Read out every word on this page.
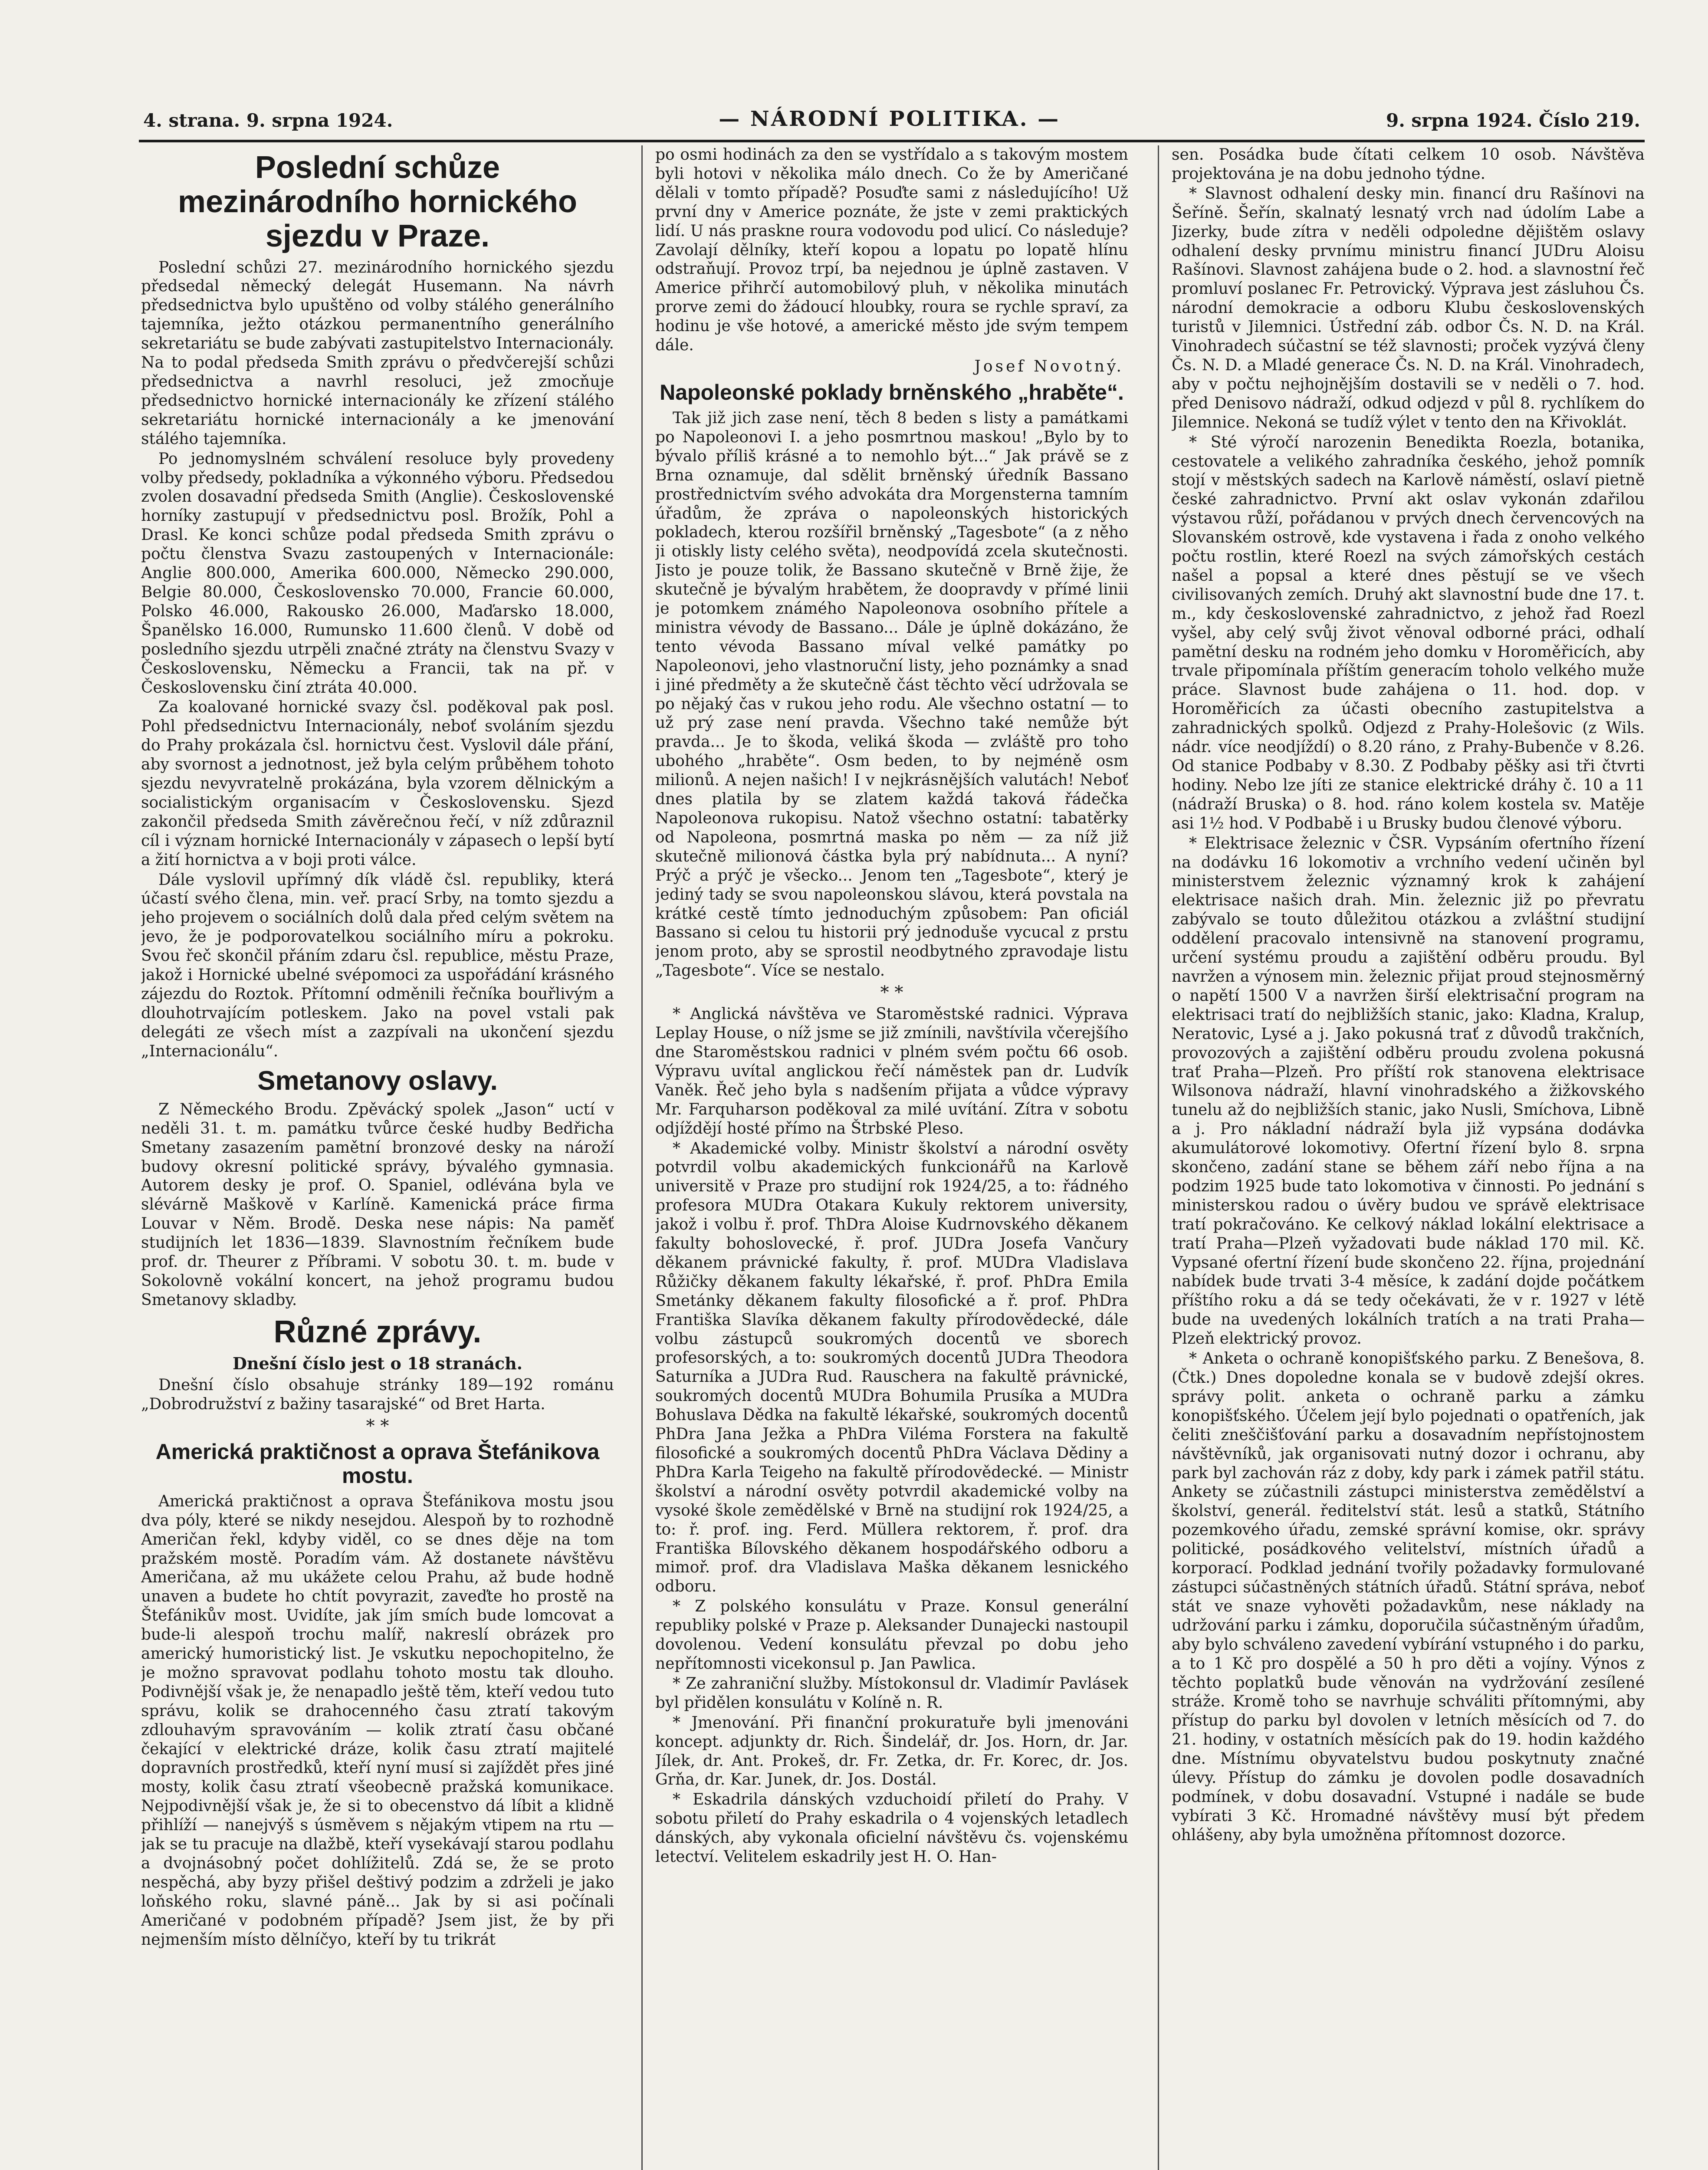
4. strana. 9. srpna 1924.	— NÁRODNÍ POLITIKA. —	9. srpna 1924. Číslo 219.
Poslední schůze mezinárodního hornického sjezdu v Praze.

Poslední schůzi 27. mezinárodního hornického sjezdu předsedal německý delegát Husemann. Na návrh předsednictva bylo upuštěno od volby stálého generálního tajemníka, ježto otázkou permanentního generálního sekretariátu se bude zabývati zastupitelstvo Internacionály. Na to podal předseda Smith zprávu o předvčerejší schůzi předsednictva a navrhl resoluci, jež zmocňuje předsednictvo hornické internacionály ke zřízení stálého sekretariátu hornické internacionály a ke jmenování stálého tajemníka.

Po jednomyslném schválení resoluce byly provedeny volby předsedy, pokladníka a výkonného výboru. Předsedou zvolen dosavadní předseda Smith (Anglie). Československé horníky zastupují v předsednictvu posl. Brožík, Pohl a Drasl. Ke konci schůze podal předseda Smith zprávu o počtu členstva Svazu zastoupených v Internacionále: Anglie 800.000, Amerika 600.000, Německo 290.000, Belgie 80.000, Československo 70.000, Francie 60.000, Polsko 46.000, Rakousko 26.000, Maďarsko 18.000, Španělsko 16.000, Rumunsko 11.600 členů. V době od posledního sjezdu utrpěli značné ztráty na členstvu Svazy v Československu, Německu a Francii, tak na př. v Československu činí ztráta 40.000.

Za koalované hornické svazy čsl. poděkoval pak posl. Pohl předsednictvu Internacionály, neboť svoláním sjezdu do Prahy prokázala čsl. hornictvu čest. Vyslovil dále přání, aby svornost a jednotnost, jež byla celým průběhem tohoto sjezdu nevyvratelně prokázána, byla vzorem dělnickým a socialistickým organisacím v Československu. Sjezd zakončil předseda Smith závěrečnou řečí, v níž zdůraznil cíl i význam hornické Internacionály v zápasech o lepší bytí a žití hornictva a v boji proti válce.

Dále vyslovil upřímný dík vládě čsl. republiky, která účastí svého člena, min. veř. prací Srby, na tomto sjezdu a jeho projevem o sociálních dolů dala před celým světem na jevo, že je podporovatelkou sociálního míru a pokroku. Svou řeč skončil přáním zdaru čsl. republice, městu Praze, jakož i Hornické ubelné svépomoci za uspořádání krásného zájezdu do Roztok. Přítomní odměnili řečníka bouřlivým a dlouhotrvajícím potleskem. Jako na povel vstali pak delegáti ze všech míst a zazpívali na ukončení sjezdu „Internacionálu“.

Smetanovy oslavy.

Z Německého Brodu. Zpěvácký spolek „Jason“ uctí v neděli 31. t. m. památku tvůrce české hudby Bedřicha Smetany zasazením pamětní bronzové desky na nároží budovy okresní politické správy, bývalého gymnasia. Autorem desky je prof. O. Spaniel, odlévána byla ve slévárně Maškově v Karlíně. Kamenická práce firma Louvar v Něm. Brodě. Deska nese nápis: Na paměť studijních let 1836—1839. Slavnostním řečníkem bude prof. dr. Theurer z Příbrami. V sobotu 30. t. m. bude v Sokolovně vokální koncert, na jehož programu budou Smetanovy skladby.

Různé zprávy.
Dnešní číslo jest o 18 stranách.

Dnešní číslo obsahuje stránky 189—192 románu „Dobrodružství z bažiny tasarajské“ od Bret Harta.

* *
Americká praktičnost a oprava Štefánikova mostu.

Americká praktičnost a oprava Štefánikova mostu jsou dva póly, které se nikdy nesejdou. Alespoň by to rozhodně Američan řekl, kdyby viděl, co se dnes děje na tom pražském mostě. Poradím vám. Až dostanete návštěvu Američana, až mu ukážete celou Prahu, až bude hodně unaven a budete ho chtít povyrazit, zaveďte ho prostě na Štefánikův most. Uvidíte, jak jím smích bude lomcovat a bude-li alespoň trochu malíř, nakreslí obrázek pro americký humoristický list. Je vskutku nepochopitelno, že je možno spravovat podlahu tohoto mostu tak dlouho. Podivnější však je, že nenapadlo ještě těm, kteří vedou tuto správu, kolik se drahocenného času ztratí takovým zdlouhavým spravováním — kolik ztratí času občané čekající v elektrické dráze, kolik času ztratí majitelé dopravních prostředků, kteří nyní musí si zajíždět přes jiné mosty, kolik času ztratí všeobecně pražská komunikace. Nejpodivnější však je, že si to obecenstvo dá líbit a klidně přihlíží — nanejvýš s úsměvem s nějakým vtipem na rtu — jak se tu pracuje na dlažbě, kteří vysekávají starou podlahu a dvojnásobný počet dohlížitelů. Zdá se, že se proto nespěchá, aby byzy přišel deštivý podzim a zdrželi je jako loňského roku, slavné páně... Jak by si asi počínali Američané v podobném případě? Jsem jist, že by při nejmenším místo dělníčyo, kteří by tu trikrát

po osmi hodinách za den se vystřídalo a s takovým mostem byli hotovi v několika málo dnech. Co že by Američané dělali v tomto případě? Posuďte sami z následujícího! Už první dny v Americe poznáte, že jste v zemi praktických lidí. U nás praskne roura vodovodu pod ulicí. Co následuje? Zavolají dělníky, kteří kopou a lopatu po lopatě hlínu odstraňují. Provoz trpí, ba nejednou je úplně zastaven. V Americe přihrčí automobilový pluh, v několika minutách prorve zemi do žádoucí hloubky, roura se rychle spraví, za hodinu je vše hotové, a americké město jde svým tempem dále.

Josef Novotný.
Napoleonské poklady brněnského „hraběte“.

Tak již jich zase není, těch 8 beden s listy a památkami po Napoleonovi I. a jeho posmrtnou maskou! „Bylo by to bývalo příliš krásné a to nemohlo být...“ Jak právě se z Brna oznamuje, dal sdělit brněnský úředník Bassano prostřednictvím svého advokáta dra Morgensterna tamním úřadům, že zpráva o napoleonských historických pokladech, kterou rozšířil brněnský „Tagesbote“ (a z něho ji otiskly listy celého světa), neodpovídá zcela skutečnosti. Jisto je pouze tolik, že Bassano skutečně v Brně žije, že skutečně je bývalým hrabětem, že doopravdy v přímé linii je potomkem známého Napoleonova osobního přítele a ministra vévody de Bassano... Dále je úplně dokázáno, že tento vévoda Bassano míval velké památky po Napoleonovi, jeho vlastnoruční listy, jeho poznámky a snad i jiné předměty a že skutečně část těchto věcí udržovala se po nějaký čas v rukou jeho rodu. Ale všechno ostatní — to už prý zase není pravda. Všechno také nemůže být pravda... Je to škoda, veliká škoda — zvláště pro toho ubohého „hraběte“. Osm beden, to by nejméně osm milionů. A nejen našich! I v nejkrásnějších valutách! Neboť dnes platila by se zlatem každá taková řádečka Napoleonova rukopisu. Natož všechno ostatní: tabatěrky od Napoleona, posmrtná maska po něm — za níž již skutečně milionová částka byla prý nabídnuta... A nyní? Prýč a prýč je všecko... Jenom ten „Tagesbote“, který je jediný tady se svou napoleonskou slávou, která povstala na krátké cestě tímto jednoduchým způsobem: Pan oficiál Bassano si celou tu historii prý jednoduše vycucal z prstu jenom proto, aby se sprostil neodbytného zpravodaje listu „Tagesbote“. Více se nestalo.

* *

* Anglická návštěva ve Staroměstské radnici. Výprava Leplay House, o níž jsme se již zmínili, navštívila včerejšího dne Staroměstskou radnici v plném svém počtu 66 osob. Výpravu uvítal anglickou řečí náměstek pan dr. Ludvík Vaněk. Řeč jeho byla s nadšením přijata a vůdce výpravy Mr. Farquharson poděkoval za milé uvítání. Zítra v sobotu odjíždějí hosté přímo na Štrbské Pleso.

* Akademické volby. Ministr školství a národní osvěty potvrdil volbu akademických funkcionářů na Karlově universitě v Praze pro studijní rok 1924/25, a to: řádného profesora MUDra Otakara Kukuly rektorem university, jakož i volbu ř. prof. ThDra Aloise Kudrnovského děkanem fakulty bohoslovecké, ř. prof. JUDra Josefa Vančury děkanem právnické fakulty, ř. prof. MUDra Vladislava Růžičky děkanem fakulty lékařské, ř. prof. PhDra Emila Smetánky děkanem fakulty filosofické a ř. prof. PhDra Františka Slavíka děkanem fakulty přírodovědecké, dále volbu zástupců soukromých docentů ve sborech profesorských, a to: soukromých docentů JUDra Theodora Saturníka a JUDra Rud. Rauschera na fakultě právnické, soukromých docentů MUDra Bohumila Prusíka a MUDra Bohuslava Dědka na fakultě lékařské, soukromých docentů PhDra Jana Ježka a PhDra Viléma Forstera na fakultě filosofické a soukromých docentů PhDra Václava Dědiny a PhDra Karla Teigeho na fakultě přírodovědecké. — Ministr školství a národní osvěty potvrdil akademické volby na vysoké škole zemědělské v Brně na studijní rok 1924/25, a to: ř. prof. ing. Ferd. Müllera rektorem, ř. prof. dra Františka Bílovského děkanem hospodářského odboru a mimoř. prof. dra Vladislava Maška děkanem lesnického odboru.

* Z polského konsulátu v Praze. Konsul generální republiky polské v Praze p. Aleksander Dunajecki nastoupil dovolenou. Vedení konsulátu převzal po dobu jeho nepřítomnosti vicekonsul p. Jan Pawlica.

* Ze zahraniční služby. Místokonsul dr. Vladimír Pavlásek byl přidělen konsulátu v Kolíně n. R.

* Jmenování. Při finanční prokuratuře byli jmenováni koncept. adjunkty dr. Rich. Šindelář, dr. Jos. Horn, dr. Jar. Jílek, dr. Ant. Prokeš, dr. Fr. Zetka, dr. Fr. Korec, dr. Jos. Grňa, dr. Kar. Junek, dr. Jos. Dostál.

* Eskadrila dánských vzduchoidí přiletí do Prahy. V sobotu přiletí do Prahy eskadrila o 4 vojenských letadlech dánských, aby vykonala oficielní návštěvu čs. vojenskému letectví. Velitelem eskadrily jest H. O. Han-

sen. Posádka bude čítati celkem 10 osob. Návštěva projektována je na dobu jednoho týdne.

* Slavnost odhalení desky min. financí dru Rašínovi na Šeříně. Šeřín, skalnatý lesnatý vrch nad údolím Labe a Jizerky, bude zítra v neděli odpoledne dějištěm oslavy odhalení desky prvnímu ministru financí JUDru Aloisu Rašínovi. Slavnost zahájena bude o 2. hod. a slavnostní řeč promluví poslanec Fr. Petrovický. Výprava jest zásluhou Čs. národní demokracie a odboru Klubu československých turistů v Jilemnici. Ústřední záb. odbor Čs. N. D. na Král. Vinohradech súčastní se též slavnosti; proček vyzývá členy Čs. N. D. a Mladé generace Čs. N. D. na Král. Vinohradech, aby v počtu nejhojnějším dostavili se v neděli o 7. hod. před Denisovo nádraží, odkud odjezd v půl 8. rychlíkem do Jilemnice. Nekoná se tudíž výlet v tento den na Křivoklát.

* Sté výročí narozenin Benedikta Roezla, botanika, cestovatele a velikého zahradníka českého, jehož pomník stojí v městských sadech na Karlově náměstí, oslaví pietně české zahradnictvo. První akt oslav vykonán zdařilou výstavou růží, pořádanou v prvých dnech červencových na Slovanském ostrově, kde vystavena i řada z onoho velkého počtu rostlin, které Roezl na svých zámořských cestách našel a popsal a které dnes pěstují se ve všech civilisovaných zemích. Druhý akt slavnostní bude dne 17. t. m., kdy československé zahradnictvo, z jehož řad Roezl vyšel, aby celý svůj život věnoval odborné práci, odhalí pamětní desku na rodném jeho domku v Horoměřicích, aby trvale připomínala příštím generacím toholo velkého muže práce. Slavnost bude zahájena o 11. hod. dop. v Horoměřicích za účasti obecního zastupitelstva a zahradnických spolků. Odjezd z Prahy-Holešovic (z Wils. nádr. více neodjíždí) o 8.20 ráno, z Prahy-Bubenče v 8.26. Od stanice Podbaby v 8.30. Z Podbaby pěšky asi tři čtvrti hodiny. Nebo lze jíti ze stanice elektrické dráhy č. 10 a 11 (nádraží Bruska) o 8. hod. ráno kolem kostela sv. Matěje asi 1½ hod. V Podbabě i u Brusky budou členové výboru.

* Elektrisace železnic v ČSR. Vypsáním ofertního řízení na dodávku 16 lokomotiv a vrchního vedení učiněn byl ministerstvem železnic významný krok k zahájení elektrisace našich drah. Min. železnic již po převratu zabývalo se touto důležitou otázkou a zvláštní studijní oddělení pracovalo intensivně na stanovení programu, určení systému proudu a zajištění odběru proudu. Byl navržen a výnosem min. železnic přijat proud stejnosměrný o napětí 1500 V a navržen širší elektrisační program na elektrisaci tratí do nejbližších stanic, jako: Kladna, Kralup, Neratovic, Lysé a j. Jako pokusná trať z důvodů trakčních, provozových a zajištění odběru proudu zvolena pokusná trať Praha—Plzeň. Pro příští rok stanovena elektrisace Wilsonova nádraží, hlavní vinohradského a žižkovského tunelu až do nejbližších stanic, jako Nusli, Smíchova, Libně a j. Pro nákladní nádraží byla již vypsána dodávka akumulátorové lokomotivy. Ofertní řízení bylo 8. srpna skončeno, zadání stane se během září nebo října a na podzim 1925 bude tato lokomotiva v činnosti. Po jednání s ministerskou radou o úvěry budou ve správě elektrisace tratí pokračováno. Ke celkový náklad lokální elektrisace a tratí Praha—Plzeň vyžadovati bude náklad 170 mil. Kč. Vypsané ofertní řízení bude skončeno 22. října, projednání nabídek bude trvati 3-4 měsíce, k zadání dojde počátkem příštího roku a dá se tedy očekávati, že v r. 1927 v létě bude na uvedených lokálních tratích a na trati Praha—Plzeň elektrický provoz.

* Anketa o ochraně konopišťského parku. Z Benešova, 8. (Čtk.) Dnes dopoledne konala se v budově zdejší okres. správy polit. anketa o ochraně parku a zámku konopišťského. Účelem její bylo pojednati o opatřeních, jak čeliti zneščišťování parku a dosavadním nepřístojnostem návštěvníků, jak organisovati nutný dozor i ochranu, aby park byl zachován ráz z doby, kdy park i zámek patřil státu. Ankety se zúčastnili zástupci ministerstva zemědělství a školství, generál. ředitelství stát. lesů a statků, Státního pozemkového úřadu, zemské správní komise, okr. správy politické, posádkového velitelství, místních úřadů a korporací. Podklad jednání tvořily požadavky formulované zástupci súčastněných státních úřadů. Státní správa, neboť stát ve snaze vyhověti požadavkům, nese náklady na udržování parku i zámku, doporučila súčastněným úřadům, aby bylo schváleno zavedení vybírání vstupného i do parku, a to 1 Kč pro dospělé a 50 h pro děti a vojíny. Výnos z těchto poplatků bude věnován na vydržování zesílené stráže. Kromě toho se navrhuje schváliti přítomnými, aby přístup do parku byl dovolen v letních měsících od 7. do 21. hodiny, v ostatních měsících pak do 19. hodin každého dne. Místnímu obyvatelstvu budou poskytnuty značné úlevy. Přístup do zámku je dovolen podle dosavadních podmínek, v dobu dosavadní. Vstupné i nadále se bude vybírati 3 Kč. Hromadné návštěvy musí být předem ohlášeny, aby byla umožněna přítomnost dozorce.
